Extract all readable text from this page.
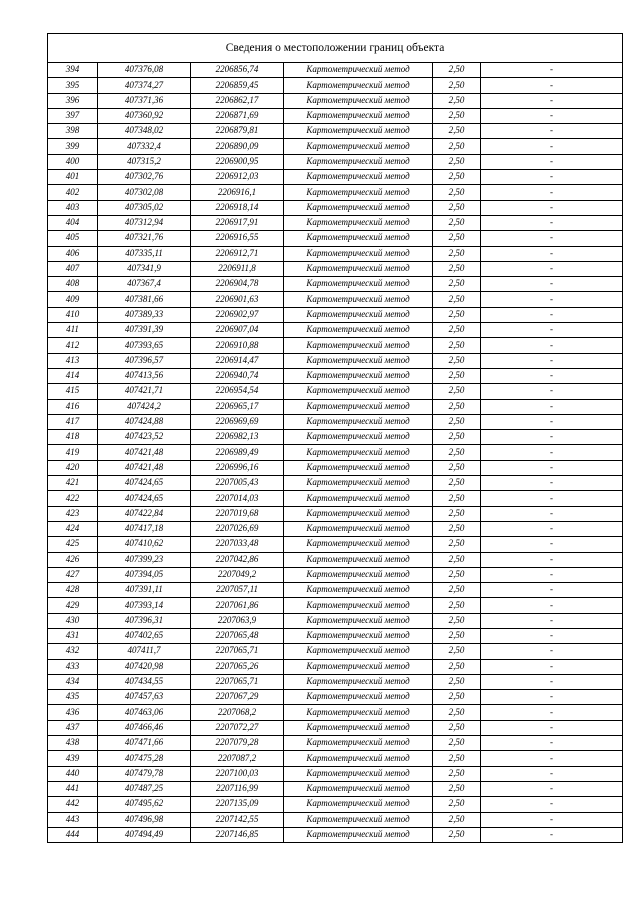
Сведения о местоположении границ объекта					
394	407376,08	2206856,74	Картометрический метод	2,50	-
395	407374,27	2206859,45	Картометрический метод	2,50	-
396	407371,36	2206862,17	Картометрический метод	2,50	-
397	407360,92	2206871,69	Картометрический метод	2,50	-
398	407348,02	2206879,81	Картометрический метод	2,50	-
399	407332,4	2206890,09	Картометрический метод	2,50	-
400	407315,2	2206900,95	Картометрический метод	2,50	-
401	407302,76	2206912,03	Картометрический метод	2,50	-
402	407302,08	2206916,1	Картометрический метод	2,50	-
403	407305,02	2206918,14	Картометрический метод	2,50	-
404	407312,94	2206917,91	Картометрический метод	2,50	-
405	407321,76	2206916,55	Картометрический метод	2,50	-
406	407335,11	2206912,71	Картометрический метод	2,50	-
407	407341,9	2206911,8	Картометрический метод	2,50	-
408	407367,4	2206904,78	Картометрический метод	2,50	-
409	407381,66	2206901,63	Картометрический метод	2,50	-
410	407389,33	2206902,97	Картометрический метод	2,50	-
411	407391,39	2206907,04	Картометрический метод	2,50	-
412	407393,65	2206910,88	Картометрический метод	2,50	-
413	407396,57	2206914,47	Картометрический метод	2,50	-
414	407413,56	2206940,74	Картометрический метод	2,50	-
415	407421,71	2206954,54	Картометрический метод	2,50	-
416	407424,2	2206965,17	Картометрический метод	2,50	-
417	407424,88	2206969,69	Картометрический метод	2,50	-
418	407423,52	2206982,13	Картометрический метод	2,50	-
419	407421,48	2206989,49	Картометрический метод	2,50	-
420	407421,48	2206996,16	Картометрический метод	2,50	-
421	407424,65	2207005,43	Картометрический метод	2,50	-
422	407424,65	2207014,03	Картометрический метод	2,50	-
423	407422,84	2207019,68	Картометрический метод	2,50	-
424	407417,18	2207026,69	Картометрический метод	2,50	-
425	407410,62	2207033,48	Картометрический метод	2,50	-
426	407399,23	2207042,86	Картометрический метод	2,50	-
427	407394,05	2207049,2	Картометрический метод	2,50	-
428	407391,11	2207057,11	Картометрический метод	2,50	-
429	407393,14	2207061,86	Картометрический метод	2,50	-
430	407396,31	2207063,9	Картометрический метод	2,50	-
431	407402,65	2207065,48	Картометрический метод	2,50	-
432	407411,7	2207065,71	Картометрический метод	2,50	-
433	407420,98	2207065,26	Картометрический метод	2,50	-
434	407434,55	2207065,71	Картометрический метод	2,50	-
435	407457,63	2207067,29	Картометрический метод	2,50	-
436	407463,06	2207068,2	Картометрический метод	2,50	-
437	407466,46	2207072,27	Картометрический метод	2,50	-
438	407471,66	2207079,28	Картометрический метод	2,50	-
439	407475,28	2207087,2	Картометрический метод	2,50	-
440	407479,78	2207100,03	Картометрический метод	2,50	-
441	407487,25	2207116,99	Картометрический метод	2,50	-
442	407495,62	2207135,09	Картометрический метод	2,50	-
443	407496,98	2207142,55	Картометрический метод	2,50	-
444	407494,49	2207146,85	Картометрический метод	2,50	-
